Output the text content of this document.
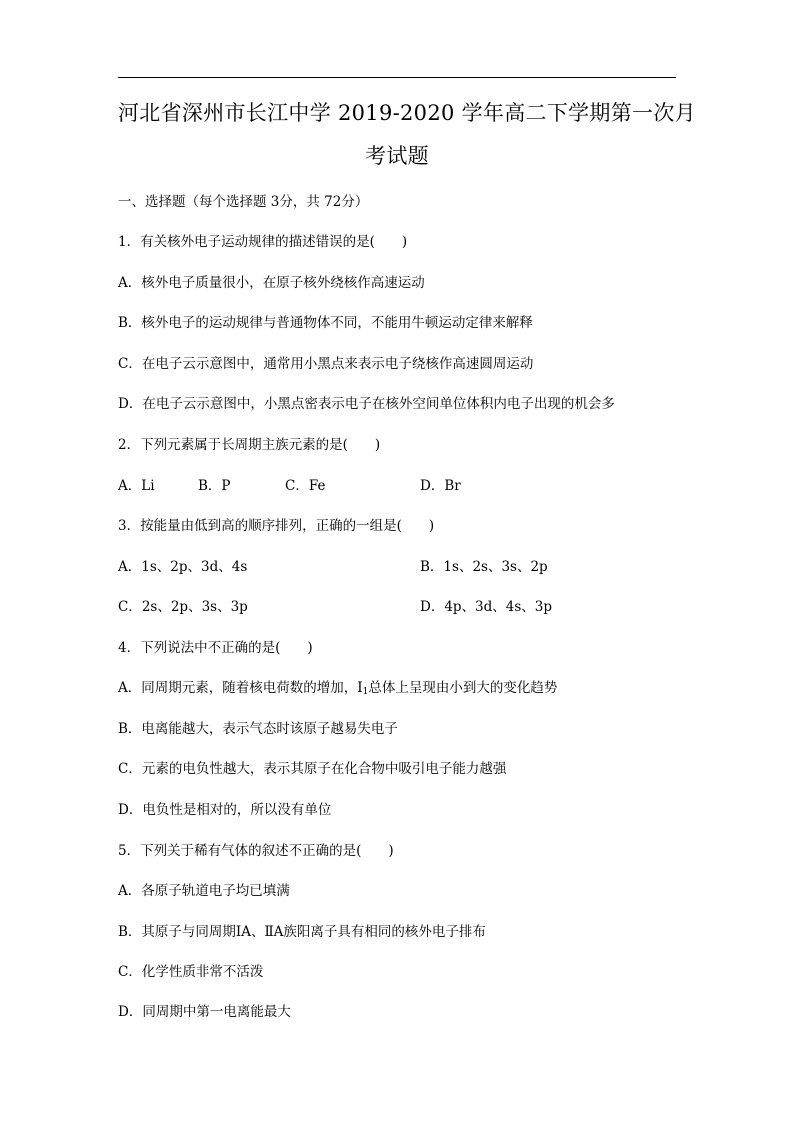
河北省深州市长江中学 2019-2020 学年高二下学期第一次月
考试题
一、选择题（每个选择题 3分，共 72分）
1．有关核外电子运动规律的描述错误的是(　　)
A．核外电子质量很小，在原子核外绕核作高速运动
B．核外电子的运动规律与普通物体不同，不能用牛顿运动定律来解释
C．在电子云示意图中，通常用小黑点来表示电子绕核作高速圆周运动
D．在电子云示意图中，小黑点密表示电子在核外空间单位体积内电子出现的机会多
2．下列元素属于长周期主族元素的是(　　)
A．Li	B．P	C．Fe	D．Br
3．按能量由低到高的顺序排列，正确的一组是(　　)
A．1s、2p、3d、4s	B．1s、2s、3s、2p
C．2s、2p、3s、3p	D．4p、3d、4s、3p
4．下列说法中不正确的是(　　)
A．同周期元素，随着核电荷数的增加，$I_1$总体上呈现由小到大的变化趋势
B．电离能越大，表示气态时该原子越易失电子
C．元素的电负性越大，表示其原子在化合物中吸引电子能力越强
D．电负性是相对的，所以没有单位
5．下列关于稀有气体的叙述不正确的是(　　)
A．各原子轨道电子均已填满
B．其原子与同周期ⅠA、ⅡA族阳离子具有相同的核外电子排布
C．化学性质非常不活泼
D．同周期中第一电离能最大
